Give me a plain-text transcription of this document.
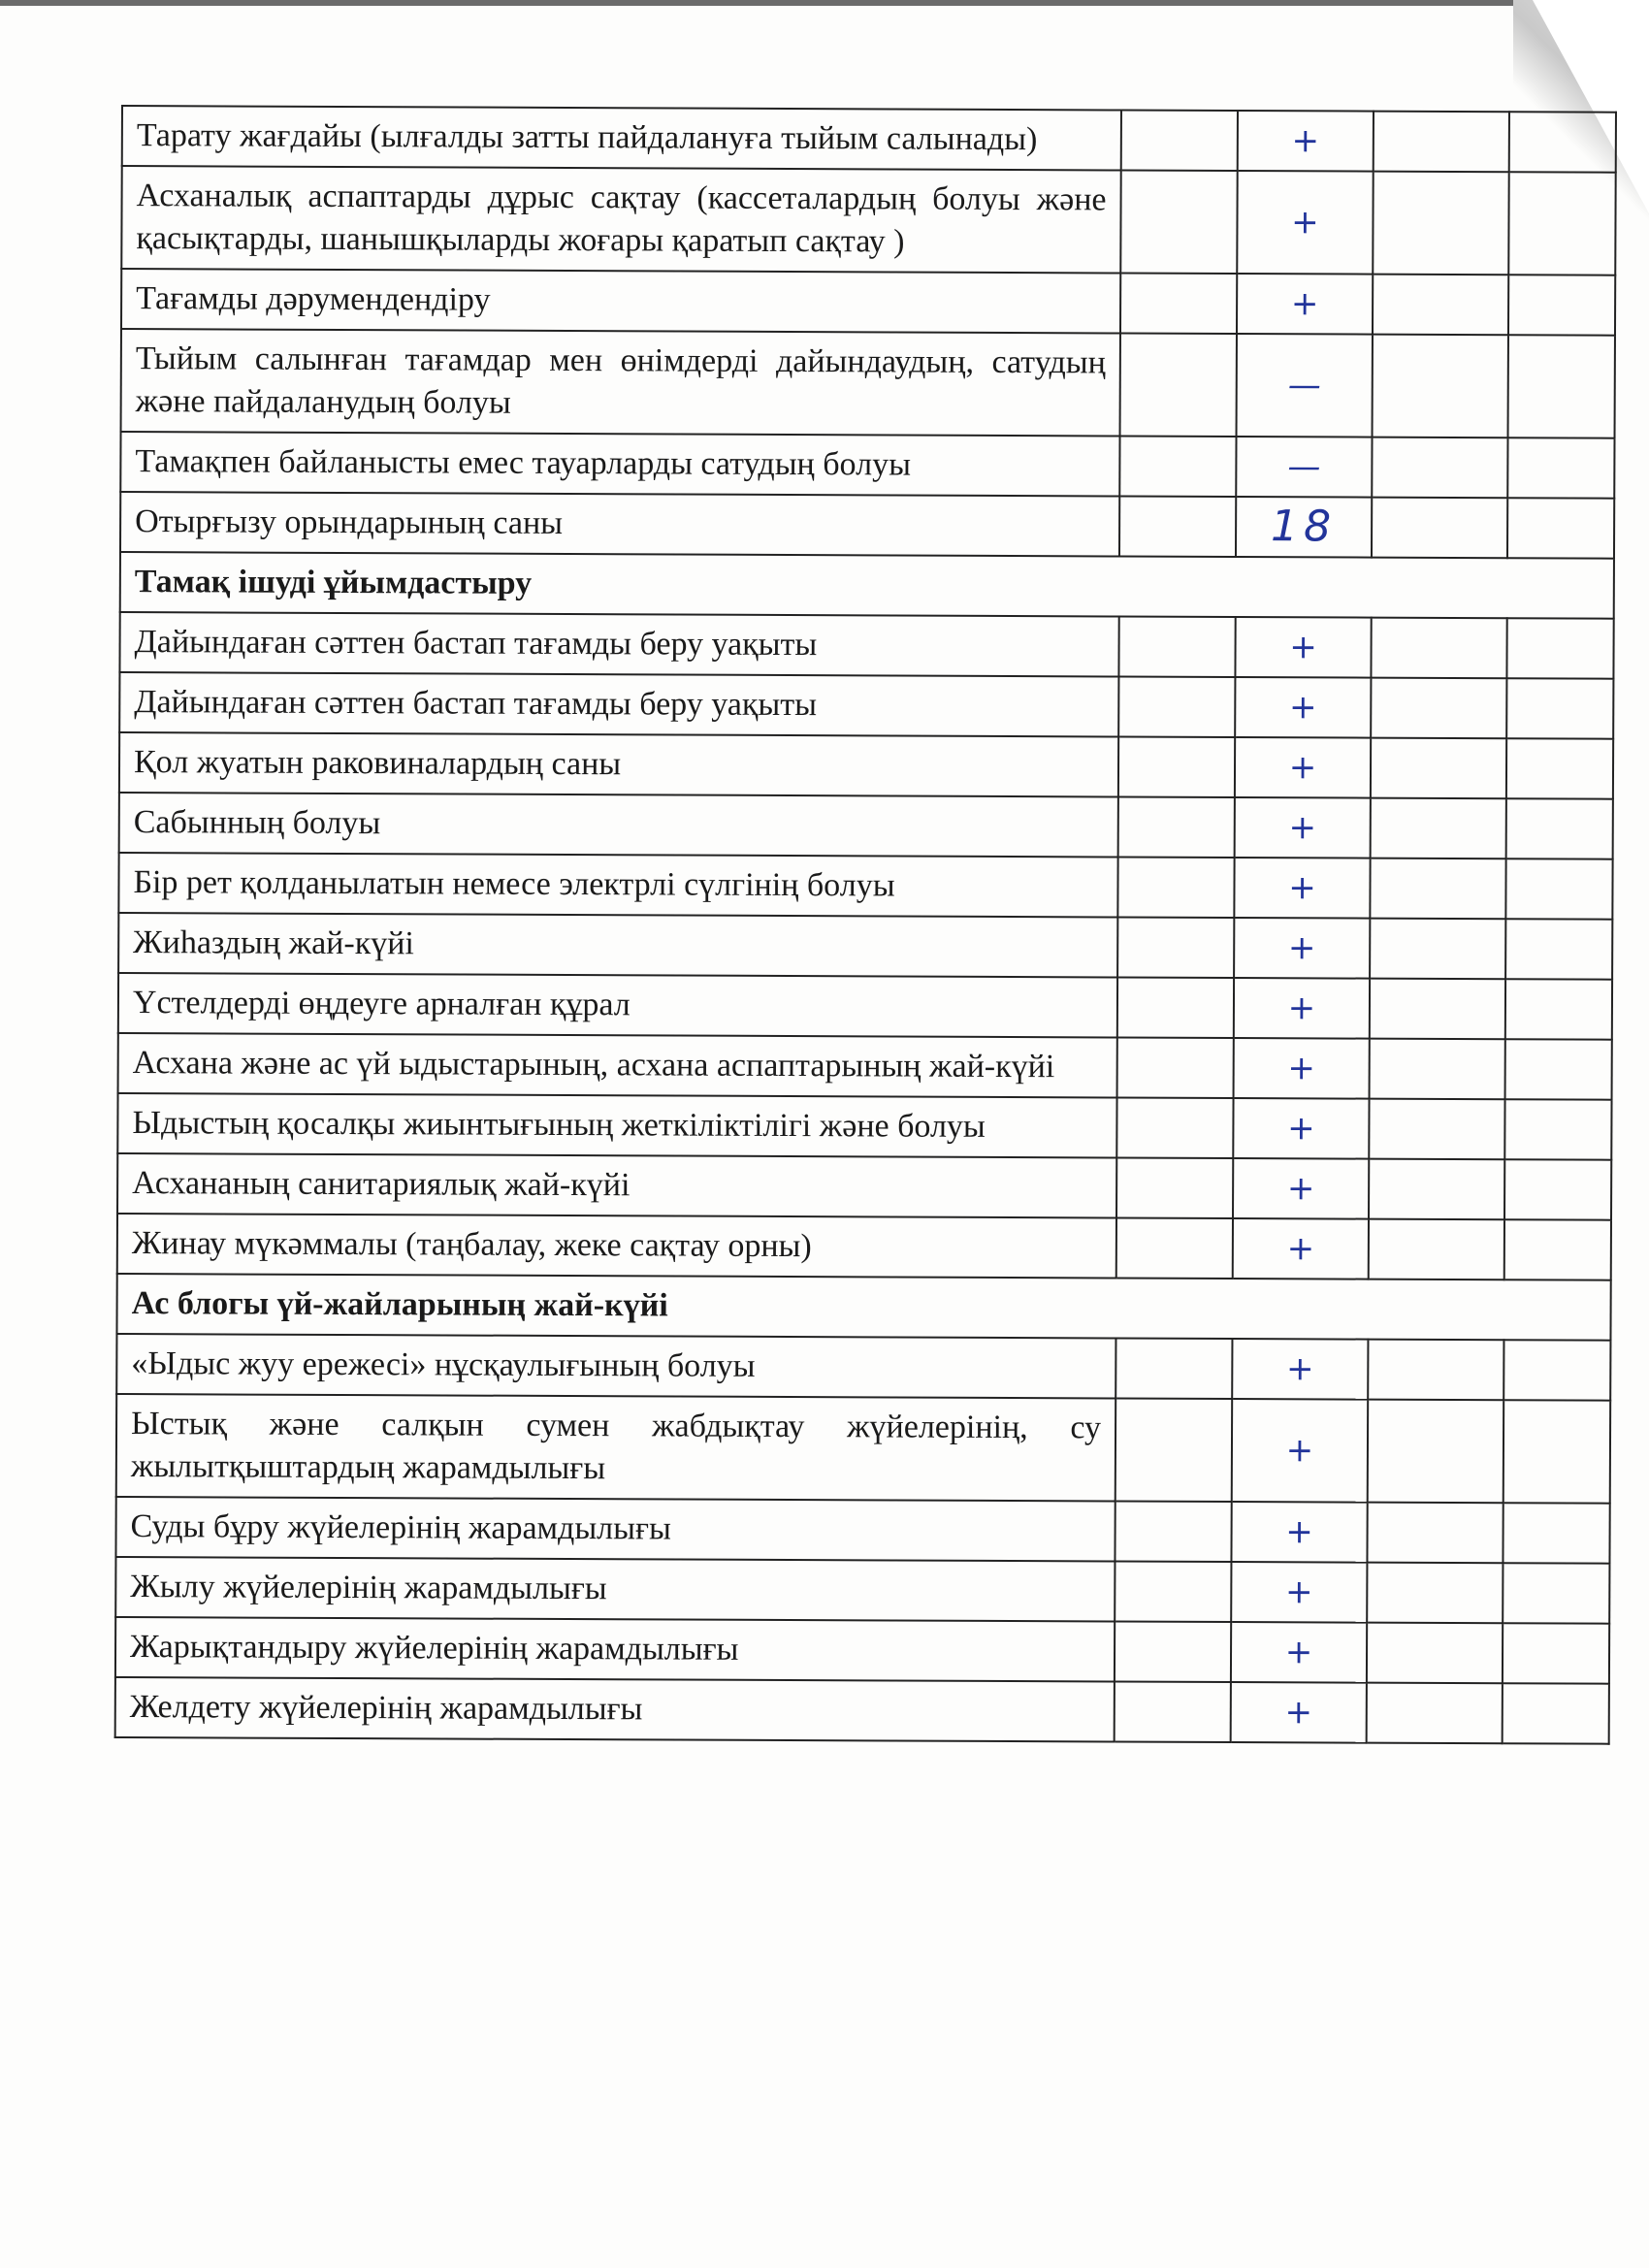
Тарату жағдайы (ылғалды затты пайдалануға тыйым салынады)		+		
Асханалық аспаптарды дұрыс сақтау (кассеталардың болуы және қасықтарды, шанышқыларды жоғары қаратып сақтау )		+		
Тағамды дәрумендендіру		+		
Тыйым салынған тағамдар мен өнімдерді дайындаудың, сатудың және пайдаланудың болуы		—		
Тамақпен байланысты емес тауарларды сатудың болуы		—		
Отырғызу орындарының саны		18		
Тамақ ішуді ұйымдастыру				
Дайындаған сәттен бастап тағамды беру уақыты		+		
Дайындаған сәттен бастап тағамды беру уақыты		+		
Қол жуатын раковиналардың саны		+		
Сабынның болуы		+		
Бір рет қолданылатын немесе электрлі сүлгінің болуы		+		
Жиһаздың жай-күйі		+		
Үстелдерді өңдеуге арналған құрал		+		
Асхана және ас үй ыдыстарының, асхана аспаптарының жай-күйі		+		
Ыдыстың қосалқы жиынтығының жеткіліктілігі және болуы		+		
Асхананың санитариялық жай-күйі		+		
Жинау мүкәммалы (таңбалау, жеке сақтау орны)		+		
Ас блогы үй-жайларының жай-күйі				
«Ыдыс жуу ережесі» нұсқаулығының болуы		+		
Ыстық және салқын сумен жабдықтау жүйелерінің, су жылытқыштардың жарамдылығы		+		
Суды бұру жүйелерінің жарамдылығы		+		
Жылу жүйелерінің жарамдылығы		+		
Жарықтандыру жүйелерінің жарамдылығы		+		
Желдету жүйелерінің жарамдылығы		+		
